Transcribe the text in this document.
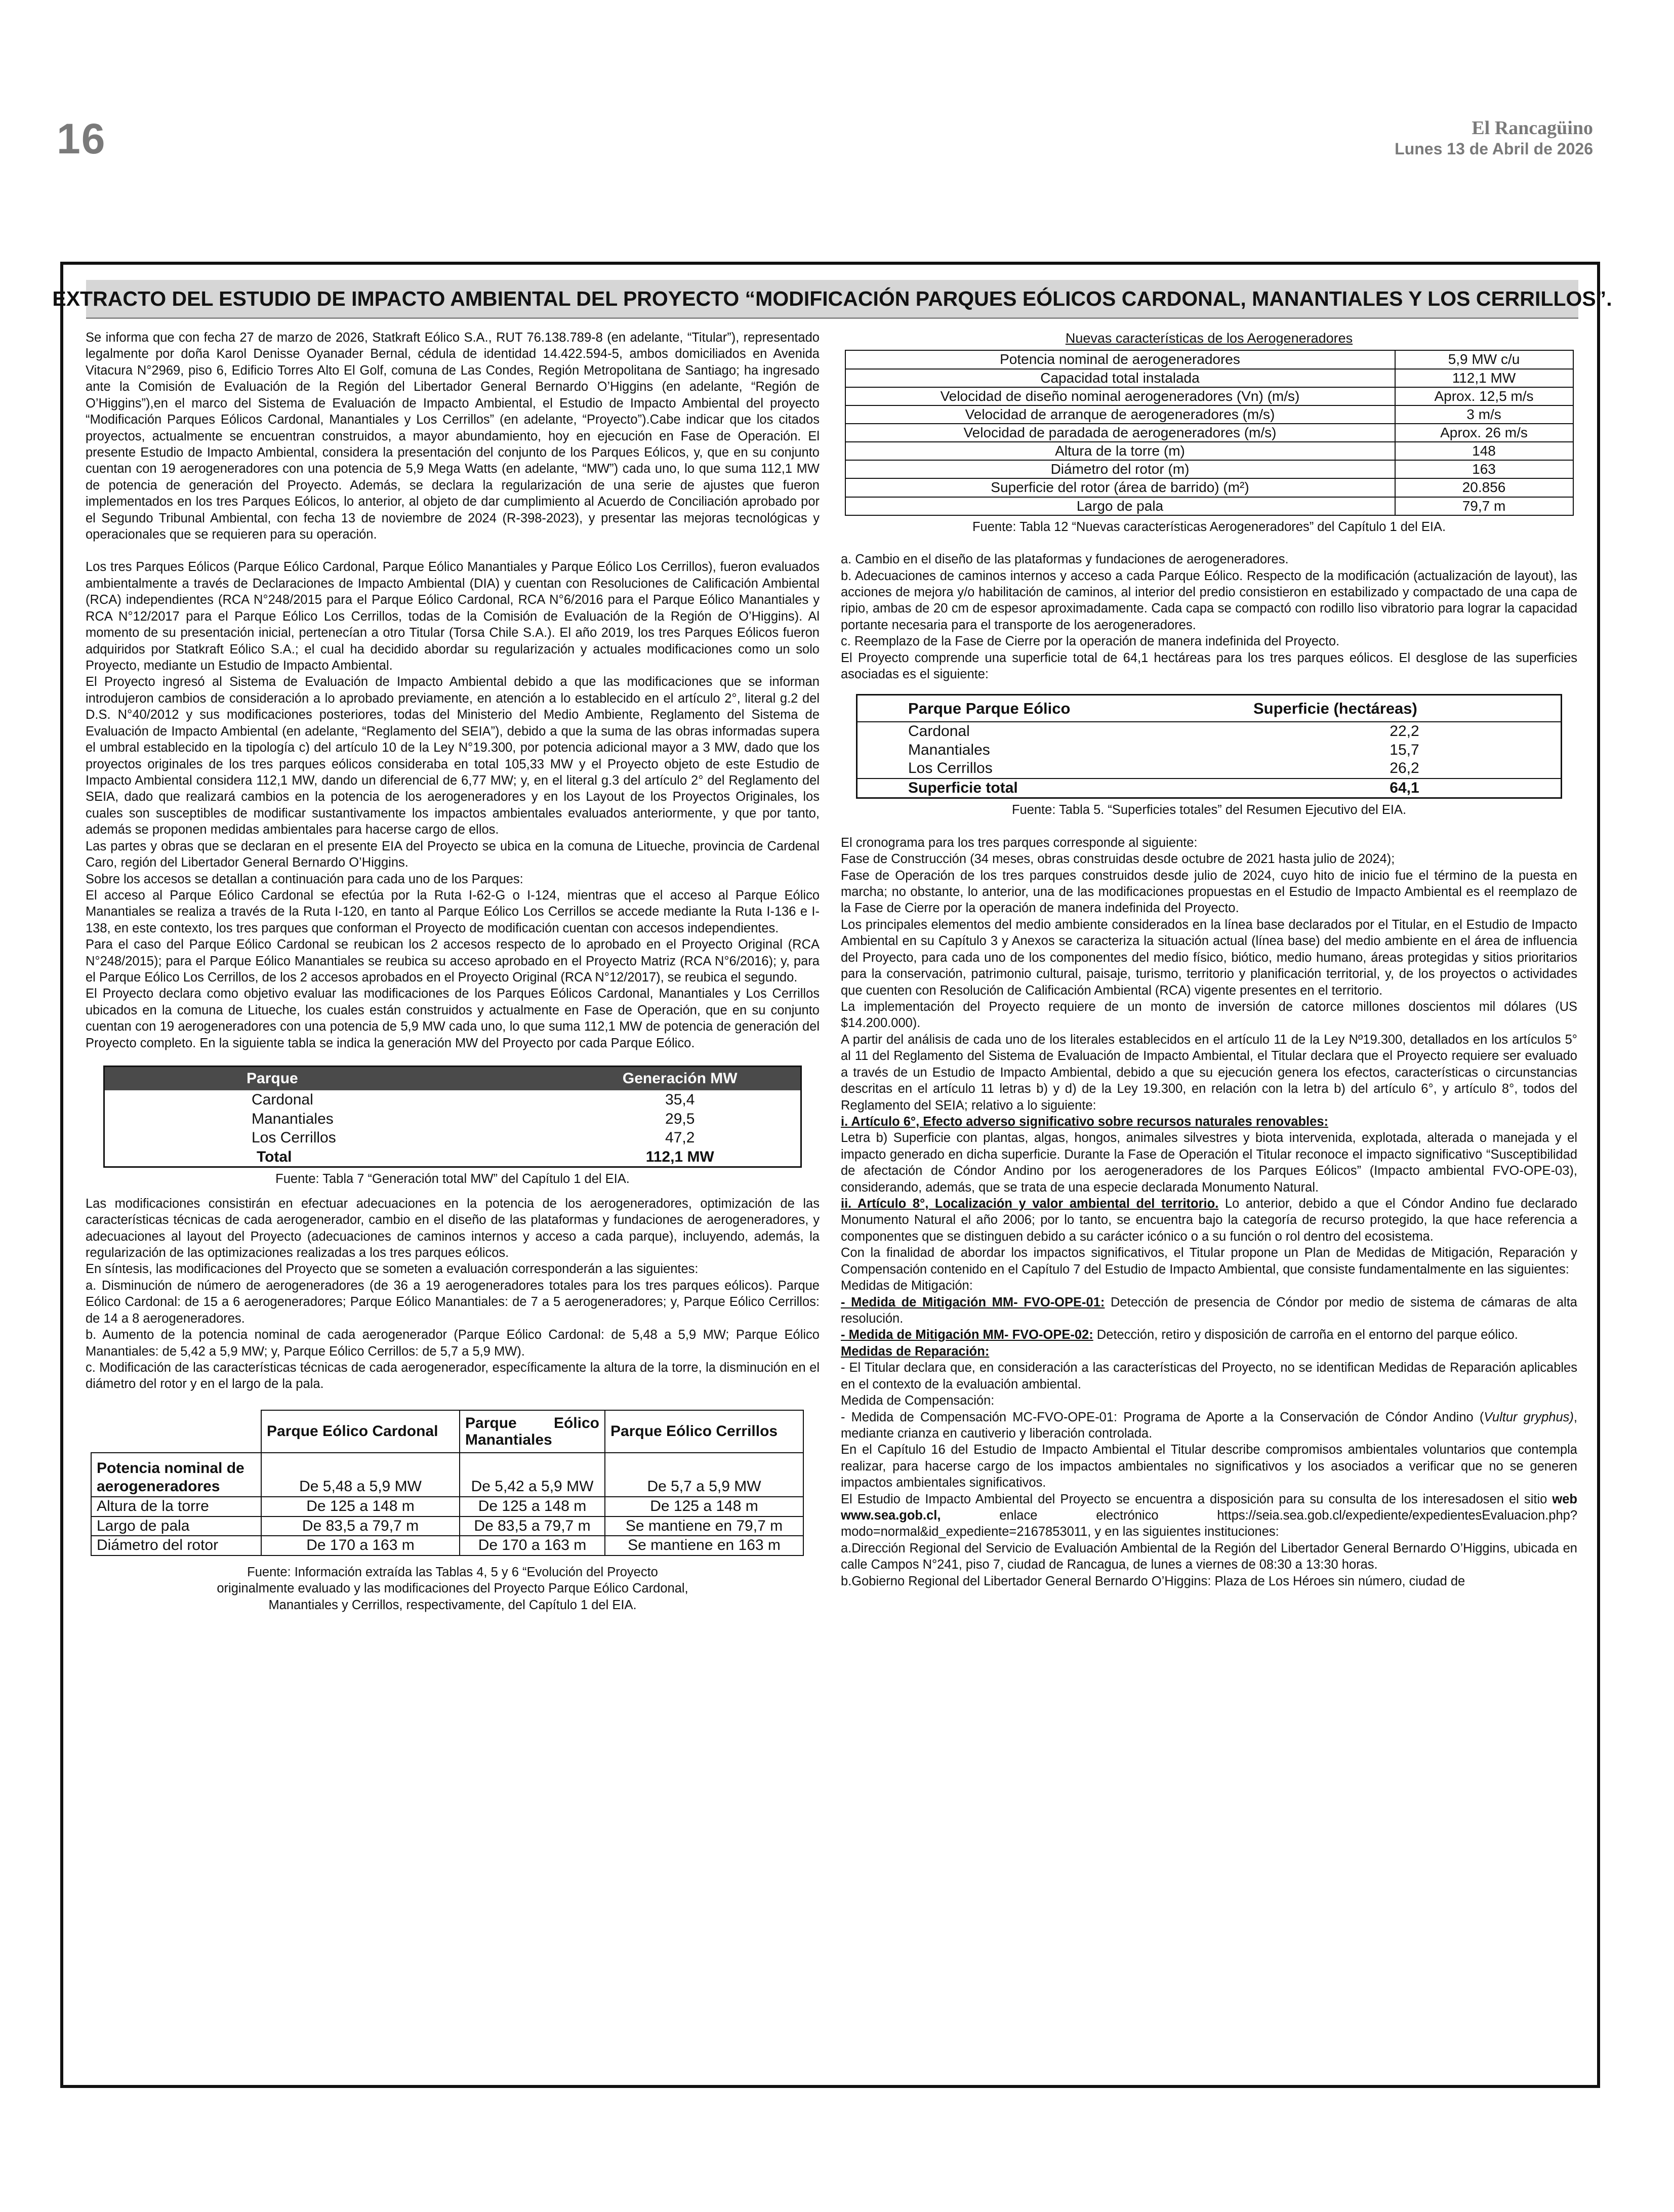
16	El Rancagüino
Lunes 13 de Abril de 2026
EXTRACTO DEL ESTUDIO DE IMPACTO AMBIENTAL DEL PROYECTO “MODIFICACIÓN PARQUES EÓLICOS CARDONAL, MANANTIALES Y LOS CERRILLOS”.

Se informa que con fecha 27 de marzo de 2026, Statkraft Eólico S.A., RUT 76.138.789-8 (en adelante, “Titular”), representado legalmente por doña Karol Denisse Oyanader Bernal, cédula de identidad 14.422.594-5, ambos domiciliados en Avenida Vitacura N°2969, piso 6, Edificio Torres Alto El Golf, comuna de Las Condes, Región Metropolitana de Santiago; ha ingresado ante la Comisión de Evaluación de la Región del Libertador General Bernardo O’Higgins (en adelante, “Región de O’Higgins”),en el marco del Sistema de Evaluación de Impacto Ambiental, el Estudio de Impacto Ambiental del proyecto “Modificación Parques Eólicos Cardonal, Manantiales y Los Cerrillos” (en adelante, “Proyecto”).Cabe indicar que los citados proyectos, actualmente se encuentran construidos, a mayor abundamiento, hoy en ejecución en Fase de Operación. El presente Estudio de Impacto Ambiental, considera la presentación del conjunto de los Parques Eólicos, y, que en su conjunto cuentan con 19 aerogeneradores con una potencia de 5,9 Mega Watts (en adelante, “MW”) cada uno, lo que suma 112,1 MW de potencia de generación del Proyecto. Además, se declara la regularización de una serie de ajustes que fueron implementados en los tres Parques Eólicos, lo anterior, al objeto de dar cumplimiento al Acuerdo de Conciliación aprobado por el Segundo Tribunal Ambiental, con fecha 13 de noviembre de 2024 (R-398-2023), y presentar las mejoras tecnológicas y operacionales que se requieren para su operación.

Los tres Parques Eólicos (Parque Eólico Cardonal, Parque Eólico Manantiales y Parque Eólico Los Cerrillos), fueron evaluados ambientalmente a través de Declaraciones de Impacto Ambiental (DIA) y cuentan con Resoluciones de Calificación Ambiental (RCA) independientes (RCA N°248/2015 para el Parque Eólico Cardonal, RCA N°6/2016 para el Parque Eólico Manantiales y RCA N°12/2017 para el Parque Eólico Los Cerrillos, todas de la Comisión de Evaluación de la Región de O’Higgins). Al momento de su presentación inicial, pertenecían a otro Titular (Torsa Chile S.A.). El año 2019, los tres Parques Eólicos fueron adquiridos por Statkraft Eólico S.A.; el cual ha decidido abordar su regularización y actuales modificaciones como un solo Proyecto, mediante un Estudio de Impacto Ambiental.

El Proyecto ingresó al Sistema de Evaluación de Impacto Ambiental debido a que las modificaciones que se informan introdujeron cambios de consideración a lo aprobado previamente, en atención a lo establecido en el artículo 2°, literal g.2 del D.S. N°40/2012 y sus modificaciones posteriores, todas del Ministerio del Medio Ambiente, Reglamento del Sistema de Evaluación de Impacto Ambiental (en adelante, “Reglamento del SEIA”), debido a que la suma de las obras informadas supera el umbral establecido en la tipología c) del artículo 10 de la Ley N°19.300, por potencia adicional mayor a 3 MW, dado que los proyectos originales de los tres parques eólicos consideraba en total 105,33 MW y el Proyecto objeto de este Estudio de Impacto Ambiental considera 112,1 MW, dando un diferencial de 6,77 MW; y, en el literal g.3 del artículo 2° del Reglamento del SEIA, dado que realizará cambios en la potencia de los aerogeneradores y en los Layout de los Proyectos Originales, los cuales son susceptibles de modificar sustantivamente los impactos ambientales evaluados anteriormente, y que por tanto, además se proponen medidas ambientales para hacerse cargo de ellos.

Las partes y obras que se declaran en el presente EIA del Proyecto se ubica en la comuna de Litueche, provincia de Cardenal Caro, región del Libertador General Bernardo O’Higgins.

Sobre los accesos se detallan a continuación para cada uno de los Parques:

El acceso al Parque Eólico Cardonal se efectúa por la Ruta I-62-G o I-124, mientras que el acceso al Parque Eólico Manantiales se realiza a través de la Ruta I-120, en tanto al Parque Eólico Los Cerrillos se accede mediante la Ruta I-136 e I-138, en este contexto, los tres parques que conforman el Proyecto de modificación cuentan con accesos independientes.

Para el caso del Parque Eólico Cardonal se reubican los 2 accesos respecto de lo aprobado en el Proyecto Original (RCA N°248/2015); para el Parque Eólico Manantiales se reubica su acceso aprobado en el Proyecto Matriz (RCA N°6/2016); y, para el Parque Eólico Los Cerrillos, de los 2 accesos aprobados en el Proyecto Original (RCA N°12/2017), se reubica el segundo.

El Proyecto declara como objetivo evaluar las modificaciones de los Parques Eólicos Cardonal, Manantiales y Los Cerrillos ubicados en la comuna de Litueche, los cuales están construidos y actualmente en Fase de Operación, que en su conjunto cuentan con 19 aerogeneradores con una potencia de 5,9 MW cada uno, lo que suma 112,1 MW de potencia de generación del Proyecto completo. En la siguiente tabla se indica la generación MW del Proyecto por cada Parque Eólico.

Parque	Generación MW
Cardonal	35,4
Manantiales	29,5
Los Cerrillos	47,2
Total	112,1 MW
Fuente: Tabla 7 “Generación total MW” del Capítulo 1 del EIA.

Las modificaciones consistirán en efectuar adecuaciones en la potencia de los aerogeneradores, optimización de las características técnicas de cada aerogenerador, cambio en el diseño de las plataformas y fundaciones de aerogeneradores, y adecuaciones al layout del Proyecto (adecuaciones de caminos internos y acceso a cada parque), incluyendo, además, la regularización de las optimizaciones realizadas a los tres parques eólicos.

En síntesis, las modificaciones del Proyecto que se someten a evaluación corresponderán a las siguientes:

a. Disminución de número de aerogeneradores (de 36 a 19 aerogeneradores totales para los tres parques eólicos). Parque Eólico Cardonal: de 15 a 6 aerogeneradores; Parque Eólico Manantiales: de 7 a 5 aerogeneradores; y, Parque Eólico Cerrillos: de 14 a 8 aerogeneradores.

b. Aumento de la potencia nominal de cada aerogenerador (Parque Eólico Cardonal: de 5,48 a 5,9 MW; Parque Eólico Manantiales: de 5,42 a 5,9 MW; y, Parque Eólico Cerrillos: de 5,7 a 5,9 MW).

c. Modificación de las características técnicas de cada aerogenerador, específicamente la altura de la torre, la disminución en el diámetro del rotor y en el largo de la pala.

	Parque Eólico Cardonal	Parque Eólico Manantiales	Parque Eólico Cerrillos
Potencia nominal de aerogeneradores	De 5,48 a 5,9 MW	De 5,42 a 5,9 MW	De 5,7 a 5,9 MW
Altura de la torre	De 125 a 148 m	De 125 a 148 m	De 125 a 148 m
Largo de pala	De 83,5 a 79,7 m	De 83,5 a 79,7 m	Se mantiene en 79,7 m
Diámetro del rotor	De 170 a 163 m	De 170 a 163 m	Se mantiene en 163 m
Fuente: Información extraída las Tablas 4, 5 y 6 “Evolución del Proyecto
originalmente evaluado y las modificaciones del Proyecto Parque Eólico Cardonal,
Manantiales y Cerrillos, respectivamente, del Capítulo 1 del EIA.
Nuevas características de los Aerogeneradores
Potencia nominal de aerogeneradores	5,9 MW c/u
Capacidad total instalada	112,1 MW
Velocidad de diseño nominal aerogeneradores (Vn) (m/s)	Aprox. 12,5 m/s
Velocidad de arranque de aerogeneradores (m/s)	3 m/s
Velocidad de paradada de aerogeneradores (m/s)	Aprox. 26 m/s
Altura de la torre (m)	148
Diámetro del rotor (m)	163
Superficie del rotor (área de barrido) (m²)	20.856
Largo de pala	79,7 m
Fuente: Tabla 12 “Nuevas características Aerogeneradores” del Capítulo 1 del EIA.

a. Cambio en el diseño de las plataformas y fundaciones de aerogeneradores.

b. Adecuaciones de caminos internos y acceso a cada Parque Eólico. Respecto de la modificación (actualización de layout), las acciones de mejora y/o habilitación de caminos, al interior del predio consistieron en estabilizado y compactado de una capa de ripio, ambas de 20 cm de espesor aproximadamente. Cada capa se compactó con rodillo liso vibratorio para lograr la capacidad portante necesaria para el transporte de los aerogeneradores.

c. Reemplazo de la Fase de Cierre por la operación de manera indefinida del Proyecto.

El Proyecto comprende una superficie total de 64,1 hectáreas para los tres parques eólicos. El desglose de las superficies asociadas es el siguiente:

Parque Parque Eólico	Superficie (hectáreas)
Cardonal	22,2
Manantiales	15,7
Los Cerrillos	26,2
Superficie total	64,1
Fuente: Tabla 5. “Superficies totales” del Resumen Ejecutivo del EIA.

El cronograma para los tres parques corresponde al siguiente:

Fase de Construcción (34 meses, obras construidas desde octubre de 2021 hasta julio de 2024);

Fase de Operación de los tres parques construidos desde julio de 2024, cuyo hito de inicio fue el término de la puesta en marcha; no obstante, lo anterior, una de las modificaciones propuestas en el Estudio de Impacto Ambiental es el reemplazo de la Fase de Cierre por la operación de manera indefinida del Proyecto.

Los principales elementos del medio ambiente considerados en la línea base declarados por el Titular, en el Estudio de Impacto Ambiental en su Capítulo 3 y Anexos se caracteriza la situación actual (línea base) del medio ambiente en el área de influencia del Proyecto, para cada uno de los componentes del medio físico, biótico, medio humano, áreas protegidas y sitios prioritarios para la conservación, patrimonio cultural, paisaje, turismo, territorio y planificación territorial, y, de los proyectos o actividades que cuenten con Resolución de Calificación Ambiental (RCA) vigente presentes en el territorio.

La implementación del Proyecto requiere de un monto de inversión de catorce millones doscientos mil dólares (US $14.200.000).

A partir del análisis de cada uno de los literales establecidos en el artículo 11 de la Ley Nº19.300, detallados en los artículos 5° al 11 del Reglamento del Sistema de Evaluación de Impacto Ambiental, el Titular declara que el Proyecto requiere ser evaluado a través de un Estudio de Impacto Ambiental, debido a que su ejecución genera los efectos, características o circunstancias descritas en el artículo 11 letras b) y d) de la Ley 19.300, en relación con la letra b) del artículo 6°, y artículo 8°, todos del Reglamento del SEIA; relativo a lo siguiente:

i. Artículo 6°, Efecto adverso significativo sobre recursos naturales renovables:

Letra b) Superficie con plantas, algas, hongos, animales silvestres y biota intervenida, explotada, alterada o manejada y el impacto generado en dicha superficie. Durante la Fase de Operación el Titular reconoce el impacto significativo “Susceptibilidad de afectación de Cóndor Andino por los aerogeneradores de los Parques Eólicos” (Impacto ambiental FVO-OPE-03), considerando, además, que se trata de una especie declarada Monumento Natural.

ii. Artículo 8°, Localización y valor ambiental del territorio. Lo anterior, debido a que el Cóndor Andino fue declarado Monumento Natural el año 2006; por lo tanto, se encuentra bajo la categoría de recurso protegido, la que hace referencia a componentes que se distinguen debido a su carácter icónico o a su función o rol dentro del ecosistema.

Con la finalidad de abordar los impactos significativos, el Titular propone un Plan de Medidas de Mitigación, Reparación y Compensación contenido en el Capítulo 7 del Estudio de Impacto Ambiental, que consiste fundamentalmente en las siguientes:

Medidas de Mitigación:

- Medida de Mitigación MM- FVO-OPE-01: Detección de presencia de Cóndor por medio de sistema de cámaras de alta resolución.

- Medida de Mitigación MM- FVO-OPE-02: Detección, retiro y disposición de carroña en el entorno del parque eólico.

Medidas de Reparación:

- El Titular declara que, en consideración a las características del Proyecto, no se identifican Medidas de Reparación aplicables en el contexto de la evaluación ambiental.

Medida de Compensación:

- Medida de Compensación MC-FVO-OPE-01: Programa de Aporte a la Conservación de Cóndor Andino (Vultur gryphus), mediante crianza en cautiverio y liberación controlada.

En el Capítulo 16 del Estudio de Impacto Ambiental el Titular describe compromisos ambientales voluntarios que contempla realizar, para hacerse cargo de los impactos ambientales no significativos y los asociados a verificar que no se generen impactos ambientales significativos.

El Estudio de Impacto Ambiental del Proyecto se encuentra a disposición para su consulta de los interesadosen el sitio web www.sea.gob.cl, enlace electrónico https://seia.sea.gob.cl/expediente/expedientesEvaluacion.php? modo=normal&id_expediente=2167853011, y en las siguientes instituciones:

a.Dirección Regional del Servicio de Evaluación Ambiental de la Región del Libertador General Bernardo O’Higgins, ubicada en calle Campos N°241, piso 7, ciudad de Rancagua, de lunes a viernes de 08:30 a 13:30 horas.

b.Gobierno Regional del Libertador General Bernardo O’Higgins: Plaza de Los Héroes sin número, ciudad de
